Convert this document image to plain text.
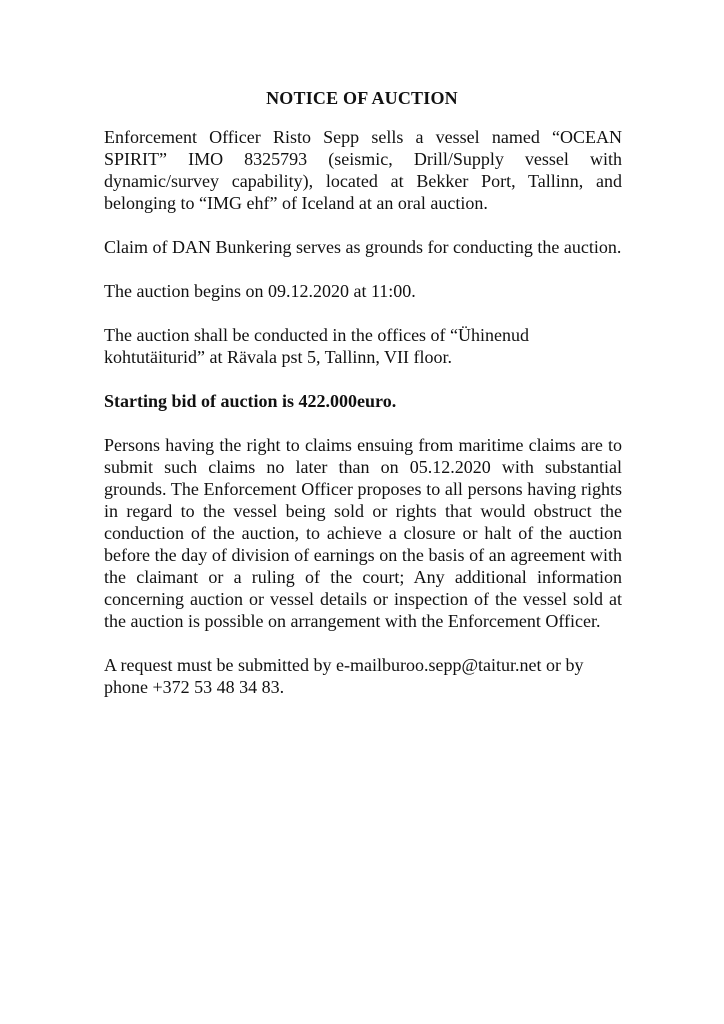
NOTICE OF AUCTION

Enforcement Officer Risto Sepp sells a vessel named “OCEAN SPIRIT” IMO 8325793 (seismic, Drill/Supply vessel with dynamic/survey capability), located at Bekker Port, Tallinn, and belonging to “IMG ehf” of Iceland at an oral auction.

Claim of DAN Bunkering serves as grounds for conducting the auction.

The auction begins on 09.12.2020 at 11:00.

The auction shall be conducted in the offices of “Ühinenud kohtutäiturid” at Rävala pst 5, Tallinn, VII floor.

Starting bid of auction is 422.000euro.

Persons having the right to claims ensuing from maritime claims are to submit such claims no later than on 05.12.2020 with substantial grounds. The Enforcement Officer proposes to all persons having rights in regard to the vessel being sold or rights that would obstruct the conduction of the auction, to achieve a closure or halt of the auction before the day of division of earnings on the basis of an agreement with the claimant or a ruling of the court; Any additional information concerning auction or vessel details or inspection of the vessel sold at the auction is possible on arrangement with the Enforcement Officer.

A request must be submitted by e-mailburoo.sepp@taitur.net or by phone +372 53 48 34 83.
